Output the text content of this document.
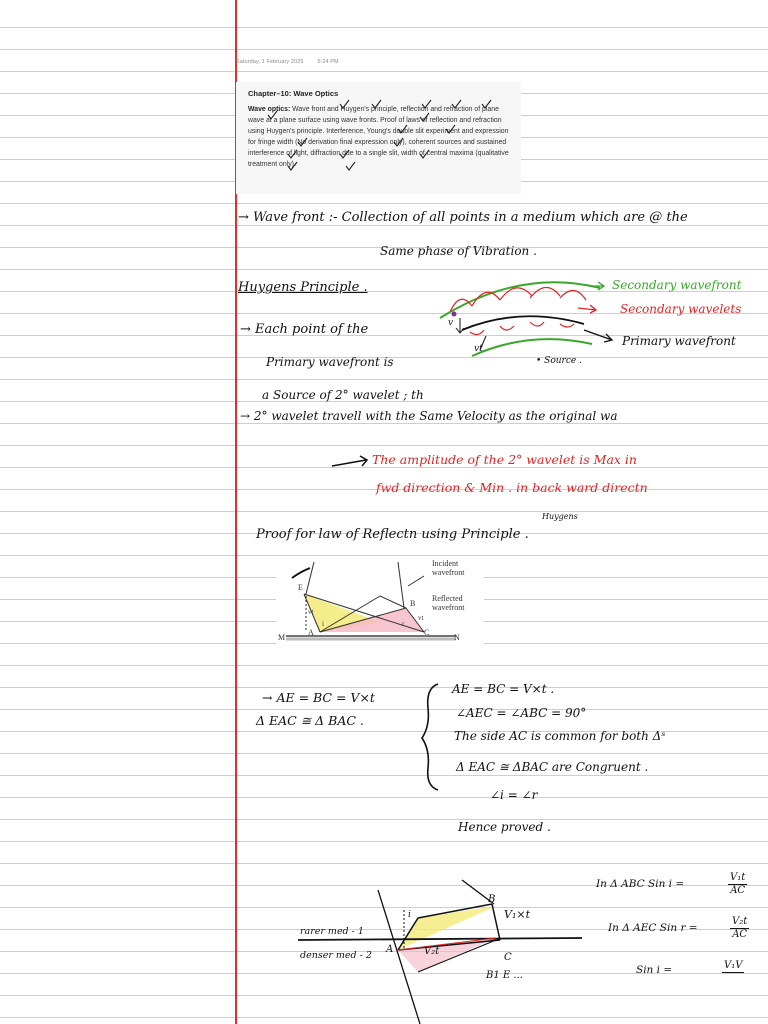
Saturday, 1 February 2025	5:24 PM
Chapter–10: Wave Optics

Wave optics: Wave front and Huygen's principle, reflection and refraction of plane wave at a plane surface using wave fronts. Proof of laws of reflection and refraction using Huygen's principle. Interference, Young's double slit experiment and expression for fringe width (No derivation final expression only), coherent sources and sustained interference of light, diffraction due to a single slit, width of central maxima (qualitative treatment only).

→ Wave front :- Collection of all points in a medium which are @ the
Same phase of Vibration .
Huygens Principle .
→ Each point of the
Primary wavefront is
a Source of 2° wavelet ; th
→ 2° wavelet travell with the Same Velocity as the original wa
Secondary wavefront
Secondary wavelets
Primary wavefront
• Source .
v
vt
The amplitude of the 2° wavelet is Max in
fwd direction & Min . in back ward directn
Huygens
Proof for law of Reflectn using Principle .
Incident
wavefront
Reflected
wavefront
E
B
A	C
M	N
vt
vt
i	r
→ AE = BC = V×t
Δ EAC ≅ Δ BAC .
AE = BC = V×t .
∠AEC = ∠ABC = 90°
The side AC is common for both Δˢ
Δ EAC ≅ ΔBAC are Congruent .
∠i = ∠r
Hence proved .
rarer med - 1
denser med - 2
B
A
C
V₁×t
V₂t
i
B1 E ...
In Δ ABC Sin i =	$\frac{\text{V₁t}}{AC}$
In Δ AEC Sin r =	$\frac{\text{V₂t}}{AC}$
Sin i =	V₁V
